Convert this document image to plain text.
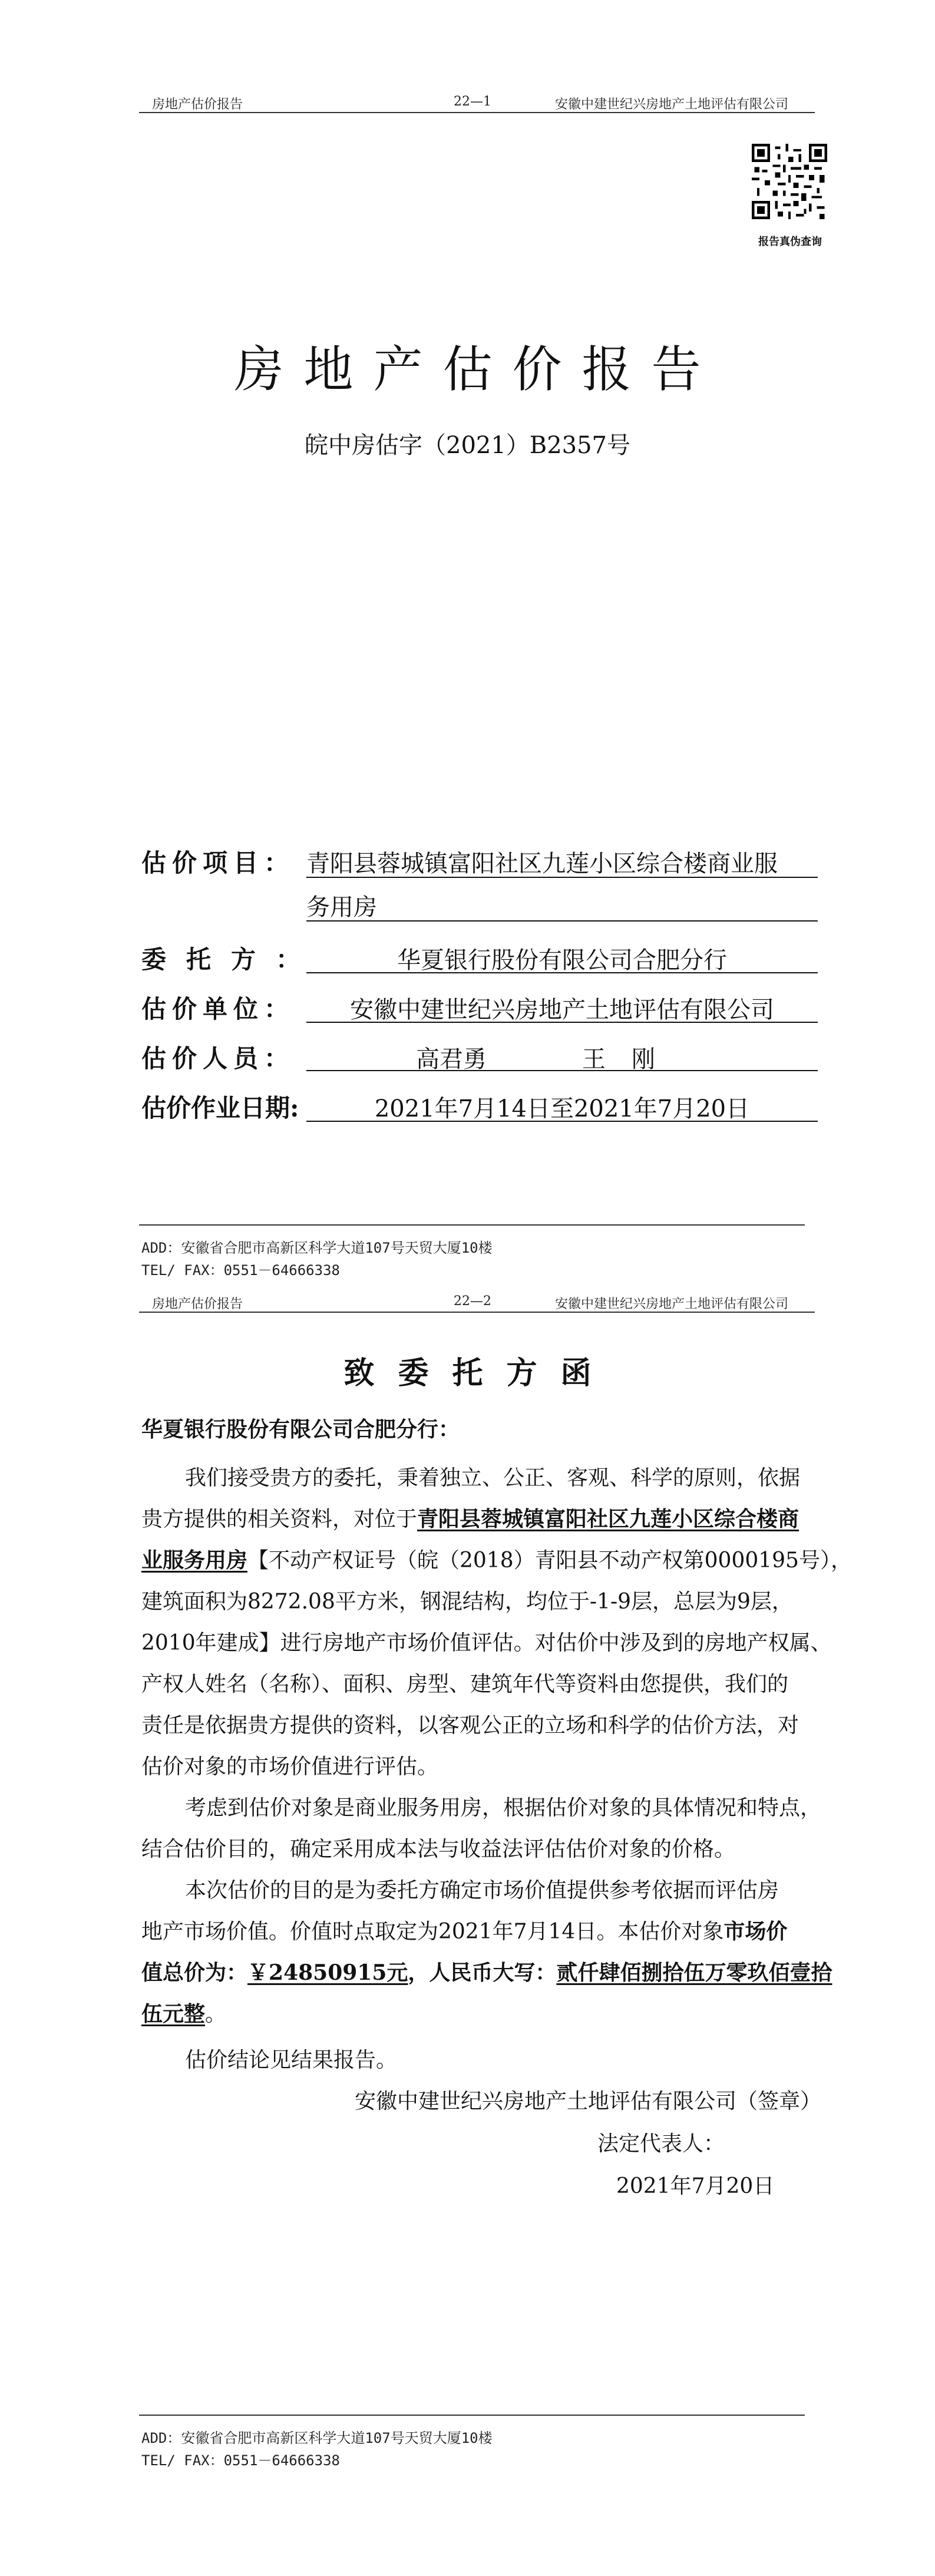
房地产估价报告	22—1	安徽中建世纪兴房地产土地评估有限公司
报告真伪查询
房地产估价报告
皖中房估字（2021）B2357号
估价项目： 青阳县蓉城镇富阳社区九莲小区综合楼商业服
务用房
委托方：	华夏银行股份有限公司合肥分行
估价单位：	安徽中建世纪兴房地产土地评估有限公司
估价人员：	高君勇	王刚
估价作业日期:	2021年7月14日至2021年7月20日
ADD：安徽省合肥市高新区科学大道107号天贸大厦10楼
TEL/ FAX：0551－64666338
房地产估价报告	22—2	安徽中建世纪兴房地产土地评估有限公司
致委托方函
华夏银行股份有限公司合肥分行：
我们接受贵方的委托，秉着独立、公正、客观、科学的原则，依据
贵方提供的相关资料，对位于青阳县蓉城镇富阳社区九莲小区综合楼商
业服务用房【不动产权证号（皖（2018）青阳县不动产权第0000195号），
建筑面积为8272.08平方米，钢混结构，均位于-1-9层，总层为9层，
2010年建成】进行房地产市场价值评估。对估价中涉及到的房地产权属、
产权人姓名（名称）、面积、房型、建筑年代等资料由您提供，我们的
责任是依据贵方提供的资料，以客观公正的立场和科学的估价方法，对
估价对象的市场价值进行评估。
考虑到估价对象是商业服务用房，根据估价对象的具体情况和特点，
结合估价目的，确定采用成本法与收益法评估估价对象的价格。
本次估价的目的是为委托方确定市场价值提供参考依据而评估房
地产市场价值。价值时点取定为2021年7月14日。本估价对象市场价
值总价为：￥24850915元，人民币大写：贰仟肆佰捌拾伍万零玖佰壹拾
伍元整。
估价结论见结果报告。
安徽中建世纪兴房地产土地评估有限公司（签章）
法定代表人：
2021年7月20日
ADD：安徽省合肥市高新区科学大道107号天贸大厦10楼
TEL/ FAX：0551－64666338
